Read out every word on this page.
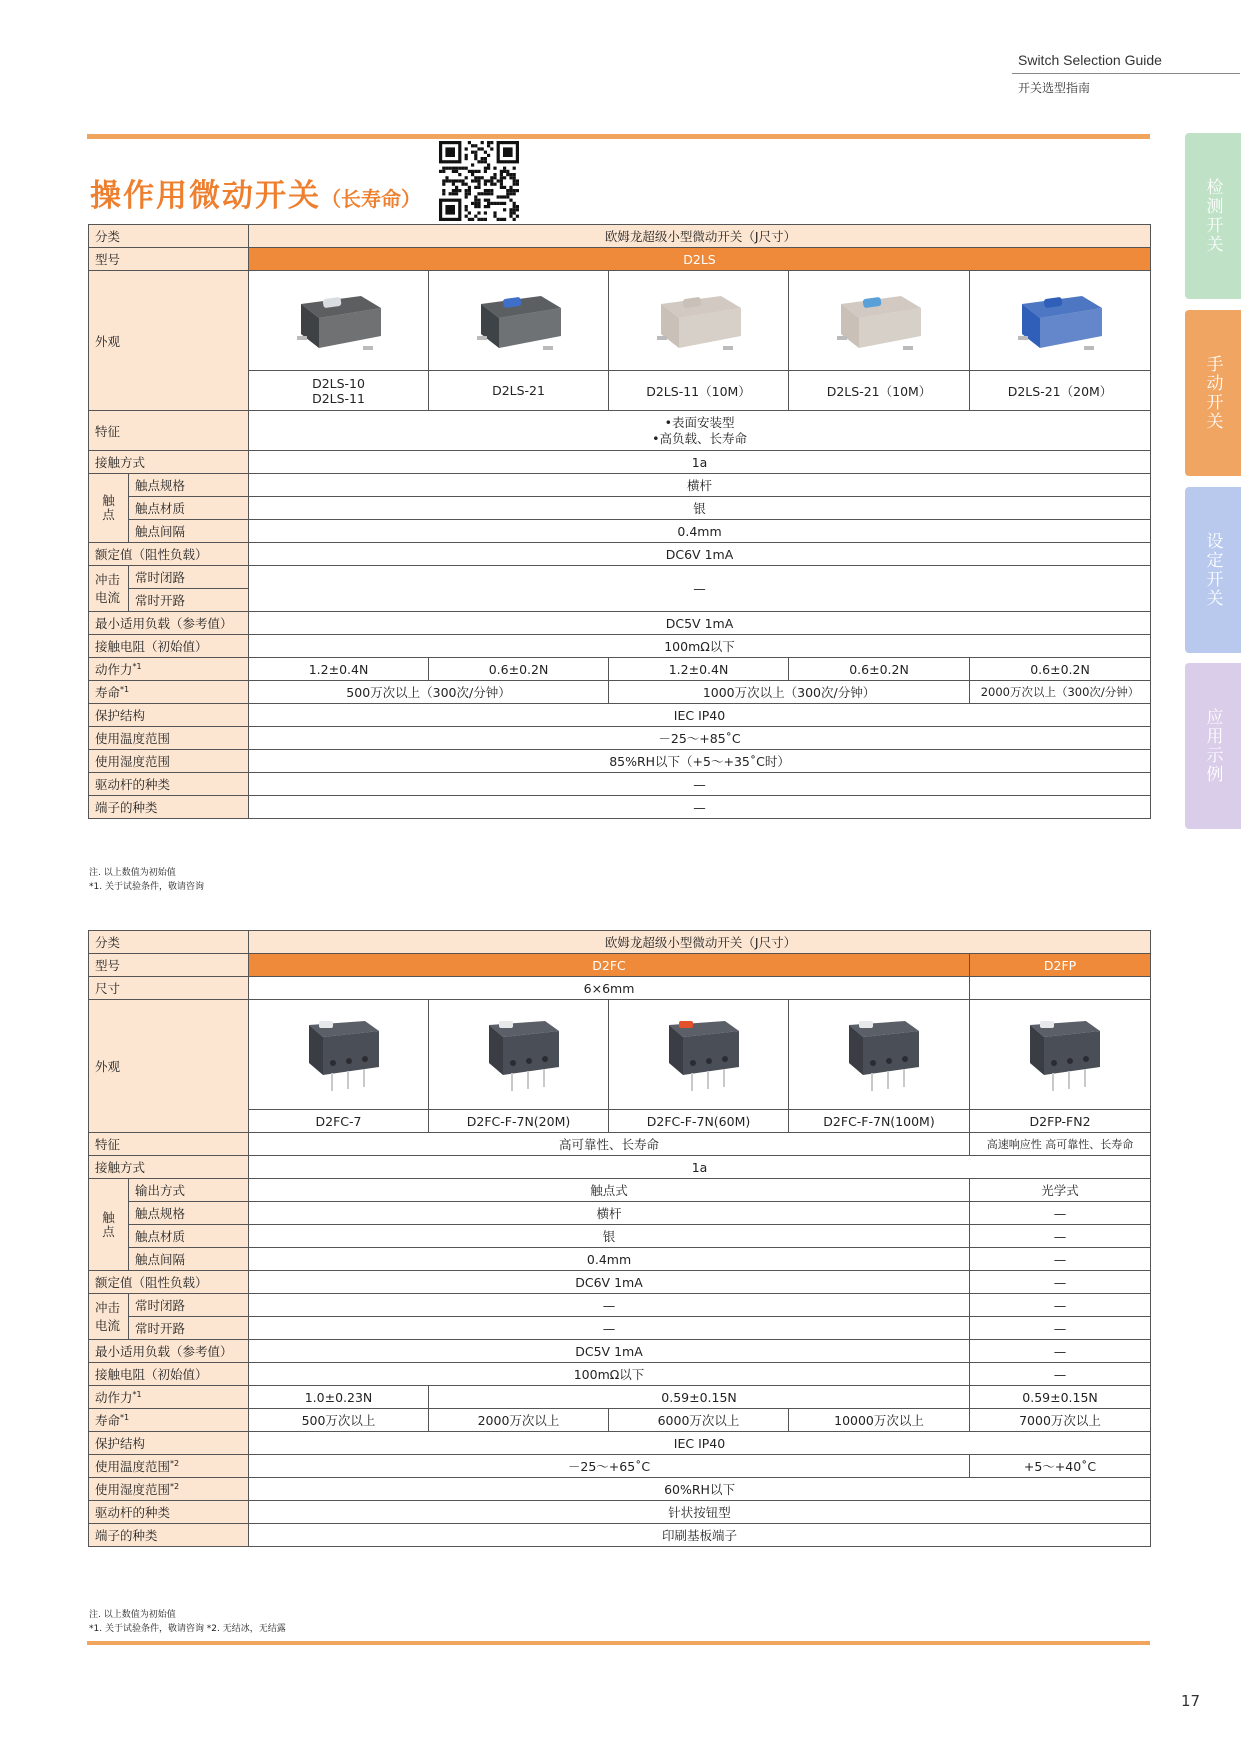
Switch Selection Guide
开关选型指南
操作用微动开关（长寿命）	检测开关
手动开关
设定开关
应用示例
分类		欧姆龙超级小型微动开关（J尺寸）				
型号		D2LS				
外观					
		D2LS-10
D2LS-11	D2LS-21	D2LS-11（10M）	D2LS-21（10M）	D2LS-21（20M）
特征		•表面安装型
•高负载、长寿命				

接触方式		1a				
触点	触点规格	横杆				
	触点材质	银				
	触点间隔	0.4mm				
额定值（阻性负载）		DC6V 1mA				
冲击电流	常时闭路	—				
	常时开路					
最小适用负载（参考值）		DC5V 1mA				
接触电阻（初始值）		100mΩ以下				
动作力$^{*1}$		1.2±0.4N	0.6±0.2N	1.2±0.4N	0.6±0.2N	0.6±0.2N
寿命$^{*1}$		500万次以上（300次/分钟）		1000万次以上（300次/分钟）		2000万次以上（300次/分钟）
保护结构		IEC IP40				
使用温度范围		－25～+85˚C				
使用湿度范围		85%RH以下（+5～+35˚C时）				
驱动杆的种类		—				
端子的种类		—				
注. 以上数值为初始值
*1. 关于试验条件，敬请咨询
分类		欧姆龙超级小型微动开关（J尺寸）				
型号		D2FC				D2FP
尺寸		6×6mm				
外观					
		D2FC-7	D2FC-F-7N(20M)	D2FC-F-7N(60M)	D2FC-F-7N(100M)	D2FP-FN2
特征		高可靠性、长寿命				高速响应性 高可靠性、长寿命
接触方式		1a				
触点	输出方式	触点式				光学式
	触点规格	横杆				—
	触点材质	银				—
	触点间隔	0.4mm				—
额定值（阻性负载）		DC6V 1mA				—
冲击电流	常时闭路	—				—
	常时开路	—				—
最小适用负载（参考值）		DC5V 1mA				—
接触电阻（初始值）		100mΩ以下				—
动作力$^{*1}$		1.0±0.23N	0.59±0.15N			0.59±0.15N
寿命$^{*1}$		500万次以上	2000万次以上	6000万次以上	10000万次以上	7000万次以上
保护结构		IEC IP40				
使用温度范围$^{*2}$		－25～+65˚C				+5～+40˚C
使用湿度范围$^{*2}$		60%RH以下				
驱动杆的种类		针状按钮型				
端子的种类		印刷基板端子				
注. 以上数值为初始值
*1. 关于试验条件，敬请咨询 *2. 无结冰，无结露
17
